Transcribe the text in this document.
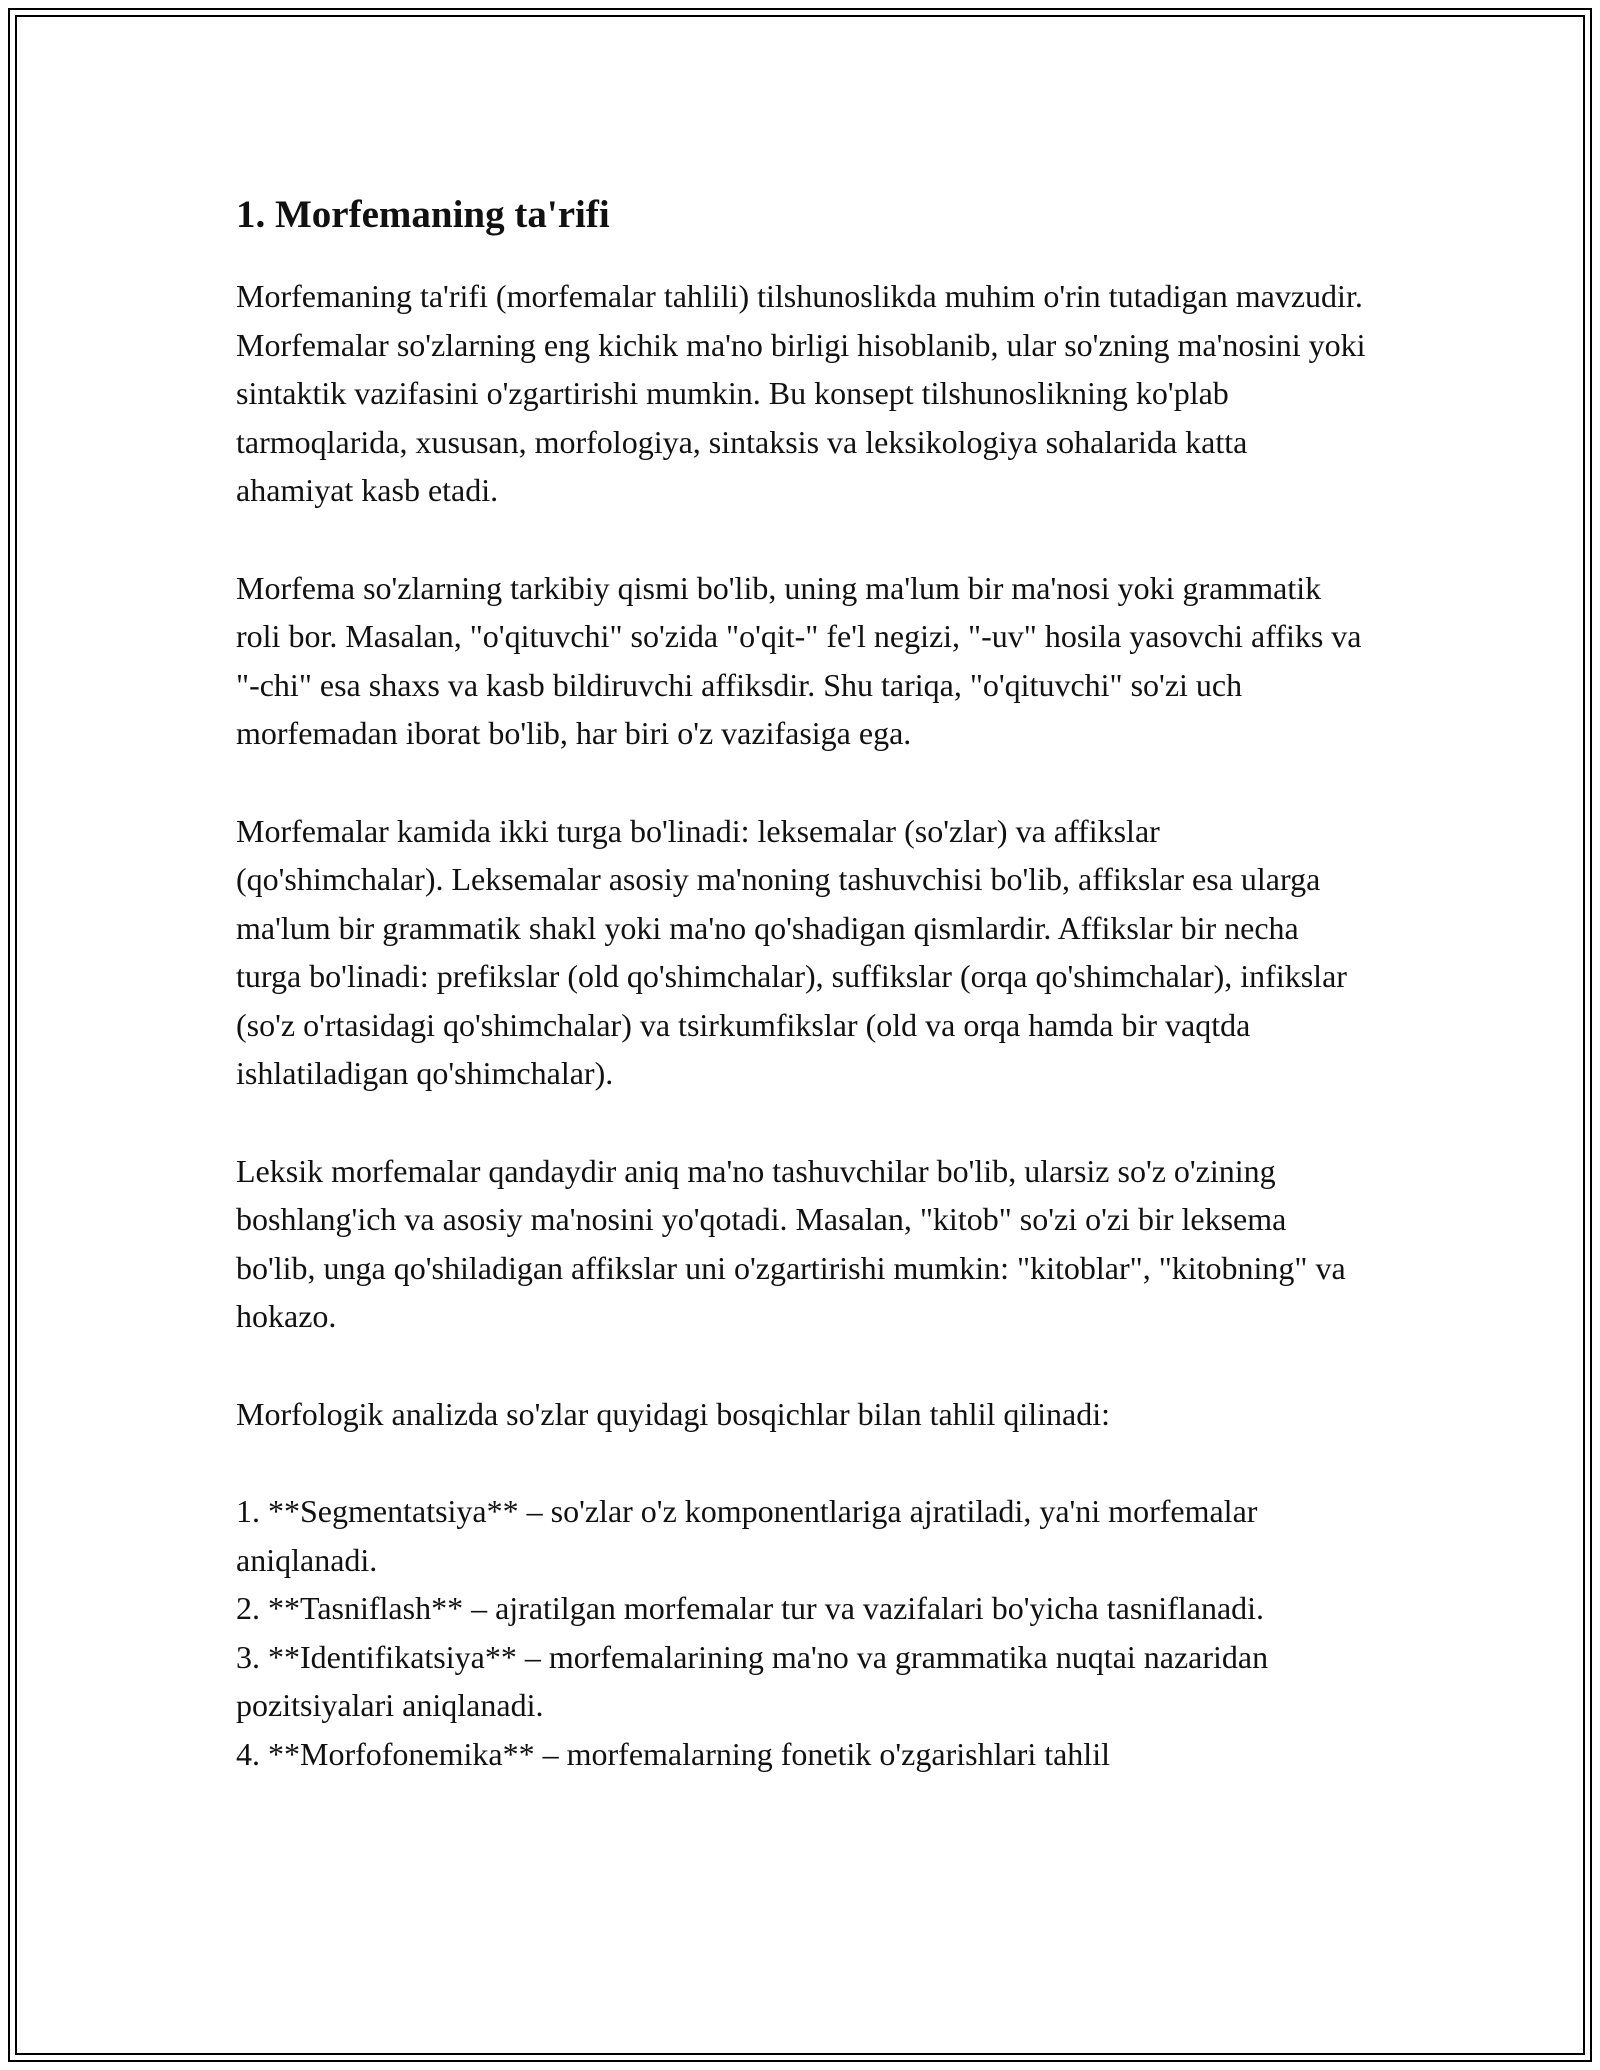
1. Morfemaning ta'rifi

Morfemaning ta'rifi (morfemalar tahlili) tilshunoslikda muhim o'rin tutadigan mavzudir. Morfemalar so'zlarning eng kichik ma'no birligi hisoblanib, ular so'zning ma'nosini yoki sintaktik vazifasini o'zgartirishi mumkin. Bu konsept tilshunoslikning ko'plab tarmoqlarida, xususan, morfologiya, sintaksis va leksikologiya sohalarida katta ahamiyat kasb etadi.

Morfema so'zlarning tarkibiy qismi bo'lib, uning ma'lum bir ma'nosi yoki grammatik roli bor. Masalan, "o'qituvchi" so'zida "o'qit-" fe'l negizi, "-uv" hosila yasovchi affiks va "-chi" esa shaxs va kasb bildiruvchi affiksdir. Shu tariqa, "o'qituvchi" so'zi uch morfemadan iborat bo'lib, har biri o'z vazifasiga ega.

Morfemalar kamida ikki turga bo'linadi: leksemalar (so'zlar) va affikslar (qo'shimchalar). Leksemalar asosiy ma'noning tashuvchisi bo'lib, affikslar esa ularga ma'lum bir grammatik shakl yoki ma'no qo'shadigan qismlardir. Affikslar bir necha turga bo'linadi: prefikslar (old qo'shimchalar), suffikslar (orqa qo'shimchalar), infikslar (so'z o'rtasidagi qo'shimchalar) va tsirkumfikslar (old va orqa hamda bir vaqtda ishlatiladigan qo'shimchalar).

Leksik morfemalar qandaydir aniq ma'no tashuvchilar bo'lib, ularsiz so'z o'zining boshlang'ich va asosiy ma'nosini yo'qotadi. Masalan, "kitob" so'zi o'zi bir leksema bo'lib, unga qo'shiladigan affikslar uni o'zgartirishi mumkin: "kitoblar", "kitobning" va hokazo.

Morfologik analizda so'zlar quyidagi bosqichlar bilan tahlil qilinadi:

1. **Segmentatsiya** – so'zlar o'z komponentlariga ajratiladi, ya'ni morfemalar aniqlanadi.
2. **Tasniflash** – ajratilgan morfemalar tur va vazifalari bo'yicha tasniflanadi.
3. **Identifikatsiya** – morfemalarining ma'no va grammatika nuqtai nazaridan pozitsiyalari aniqlanadi.
4. **Morfofonemika** – morfemalarning fonetik o'zgarishlari tahlil
